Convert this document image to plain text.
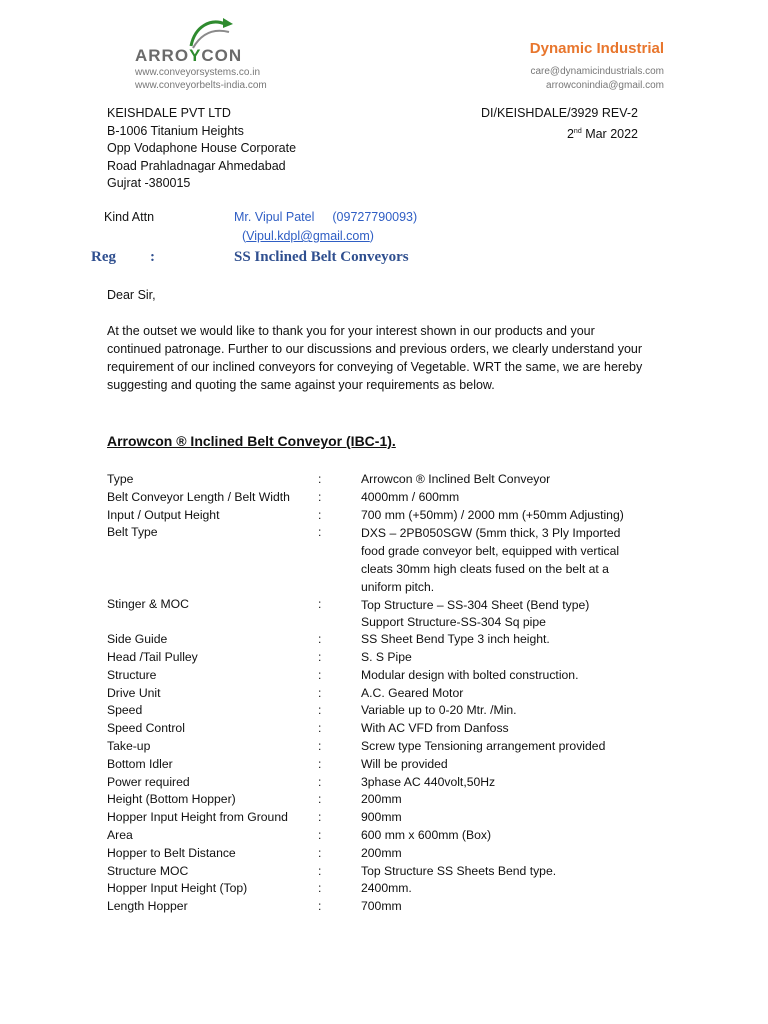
ARROYCON
www.conveyorsystems.co.in
www.conveyorbelts-india.com
Dynamic Industrial
care@dynamicindustrials.com
arrowconindia@gmail.com
KEISHDALE PVT LTD
B-1006 Titanium Heights
Opp Vodaphone House Corporate
Road Prahladnagar Ahmedabad
Gujrat -380015
DI/KEISHDALE/3929 REV-2
2nd Mar 2022
Kind Attn	Mr. Vipul Patel (09727790093)
(Vipul.kdpl@gmail.com)
Reg :	SS Inclined Belt Conveyors
Dear Sir,
At the outset we would like to thank you for your interest shown in our products and your
continued patronage. Further to our discussions and previous orders, we clearly understand your
requirement of our inclined conveyors for conveying of Vegetable. WRT the same, we are hereby
suggesting and quoting the same against your requirements as below.
Arrowcon ® Inclined Belt Conveyor (IBC-1).
Type	:	Arrowcon ® Inclined Belt Conveyor
Belt Conveyor Length / Belt Width :	4000mm / 600mm
Input / Output Height	:	700 mm (+50mm) / 2000 mm (+50mm Adjusting)
Belt Type	:	DXS – 2PB050SGW (5mm thick, 3 Ply Imported
food grade conveyor belt, equipped with vertical
cleats 30mm high cleats fused on the belt at a
uniform pitch.
Stinger & MOC	:	Top Structure – SS-304 Sheet (Bend type)
Support Structure-SS-304 Sq pipe
Side Guide	:	SS Sheet Bend Type 3 inch height.
Head /Tail Pulley	:	S. S Pipe
Structure	:	Modular design with bolted construction.
Drive Unit	:	A.C. Geared Motor
Speed	:	Variable up to 0-20 Mtr. /Min.
Speed Control	:	With AC VFD from Danfoss
Take-up	:	Screw type Tensioning arrangement provided
Bottom Idler	:	Will be provided
Power required	:	3phase AC 440volt,50Hz
Height (Bottom Hopper)	:	200mm
Hopper Input Height from Ground :	900mm
Area	:	600 mm x 600mm (Box)
Hopper to Belt Distance	:	200mm
Structure MOC	:	Top Structure SS Sheets Bend type.
Hopper Input Height (Top)	:	2400mm.
Length Hopper	:	700mm
